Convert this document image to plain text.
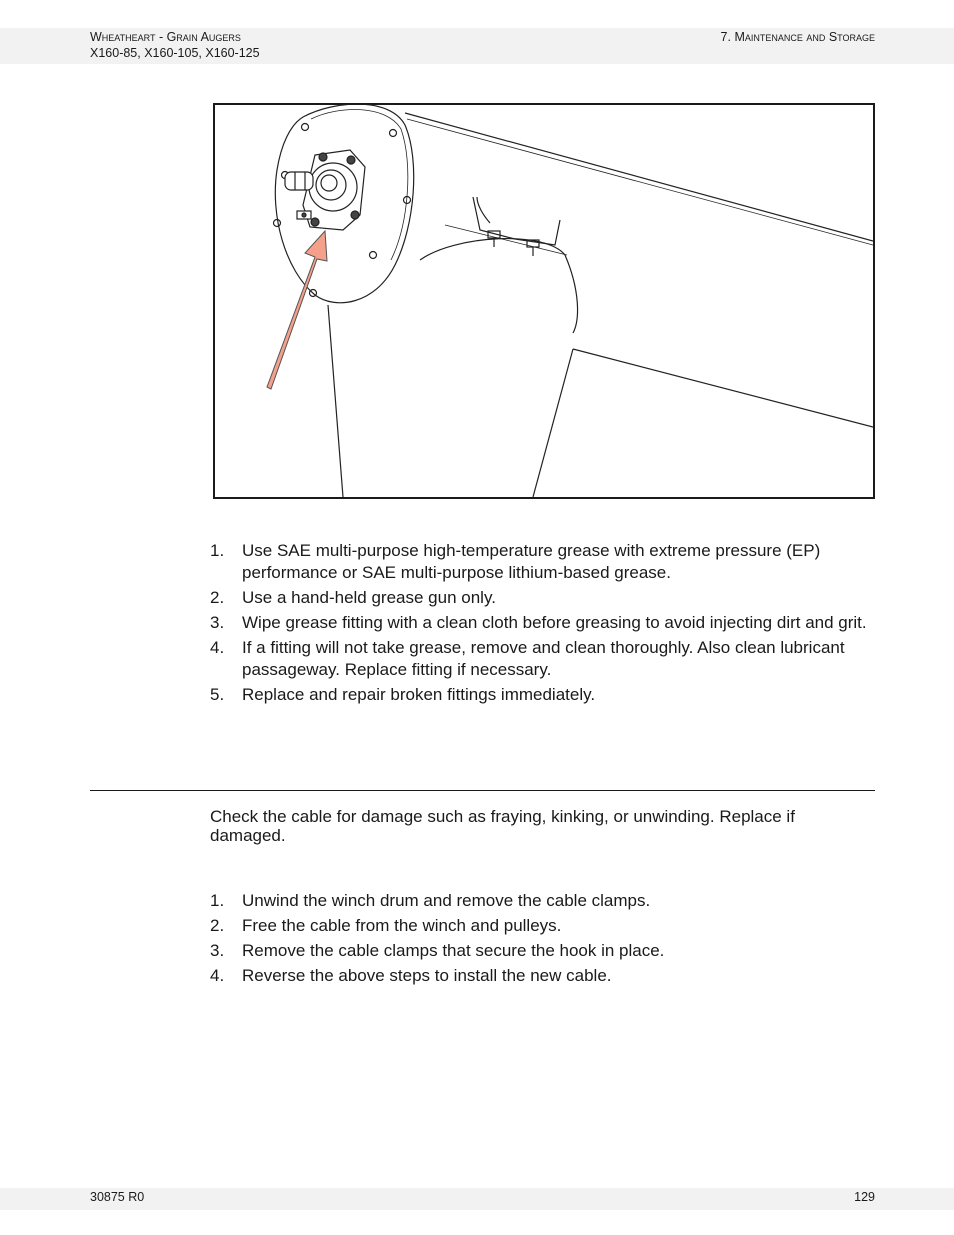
Wheatheart - Grain Augers
X160-85, X160-105, X160-125
7. Maintenance and Storage
1. Use SAE multi-purpose high-temperature grease with extreme pressure (EP) performance or SAE multi-purpose lithium-based grease.
2. Use a hand-held grease gun only.
3. Wipe grease fitting with a clean cloth before greasing to avoid injecting dirt and grit.
4. If a fitting will not take grease, remove and clean thoroughly. Also clean lubricant passageway. Replace fitting if necessary.
5. Replace and repair broken fittings immediately.
Check the cable for damage such as fraying, kinking, or unwinding. Replace if damaged.
1. Unwind the winch drum and remove the cable clamps.
2. Free the cable from the winch and pulleys.
3. Remove the cable clamps that secure the hook in place.
4. Reverse the above steps to install the new cable.
30875 R0	129
